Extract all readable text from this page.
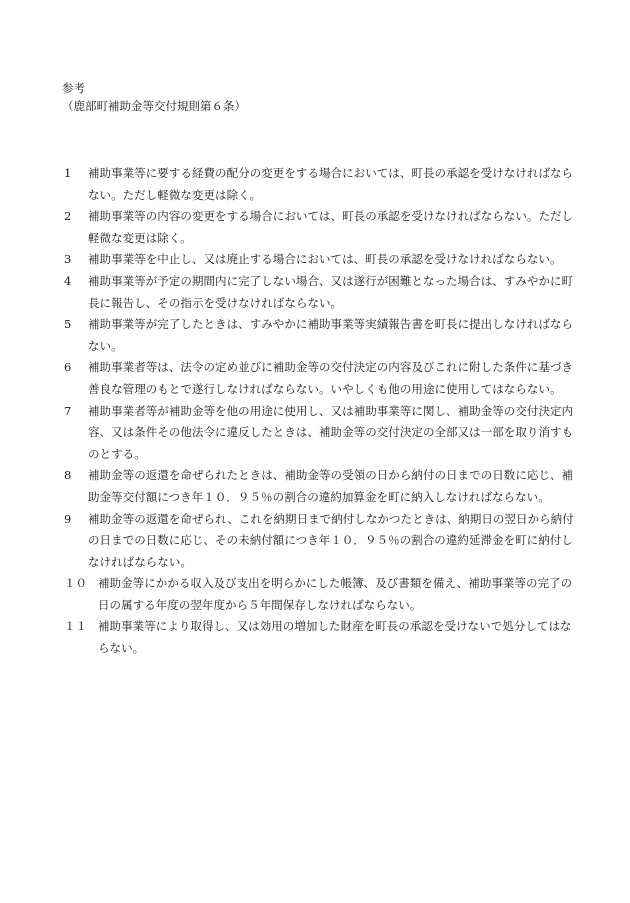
参考
（鹿部町補助金等交付規則第６条）
1	補助事業等に要する経費の配分の変更をする場合においては、町長の承認を受けなければならない。ただし軽微な変更は除く。
2	補助事業等の内容の変更をする場合においては、町長の承認を受けなければならない。ただし軽微な変更は除く。
3	補助事業等を中止し、又は廃止する場合においては、町長の承認を受けなければならない。
4	補助事業等が予定の期間内に完了しない場合、又は遂行が困難となった場合は、すみやかに町長に報告し、その指示を受けなければならない。
5	補助事業等が完了したときは、すみやかに補助事業等実績報告書を町長に提出しなければならない。
6	補助事業者等は、法令の定め並びに補助金等の交付決定の内容及びこれに附した条件に基づき善良な管理のもとで遂行しなければならない。いやしくも他の用途に使用してはならない。
7	補助事業者等が補助金等を他の用途に使用し、又は補助事業等に関し、補助金等の交付決定内容、又は条件その他法令に違反したときは、補助金等の交付決定の全部又は一部を取り消すものとする。
8	補助金等の返還を命ぜられたときは、補助金等の受領の日から納付の日までの日数に応じ、補助金等交付額につき年１０．９５％の割合の違約加算金を町に納入しなければならない。
9	補助金等の返還を命ぜられ、これを納期日まで納付しなかつたときは、納期日の翌日から納付の日までの日数に応じ、その未納付額につき年１０．９５％の割合の違約延滞金を町に納付しなければならない。
１０ 補助金等にかかる収入及び支出を明らかにした帳簿、及び書類を備え、補助事業等の完了の日の属する年度の翌年度から５年間保存しなければならない。
１１ 補助事業等により取得し、又は効用の増加した財産を町長の承認を受けないで処分してはならない。
